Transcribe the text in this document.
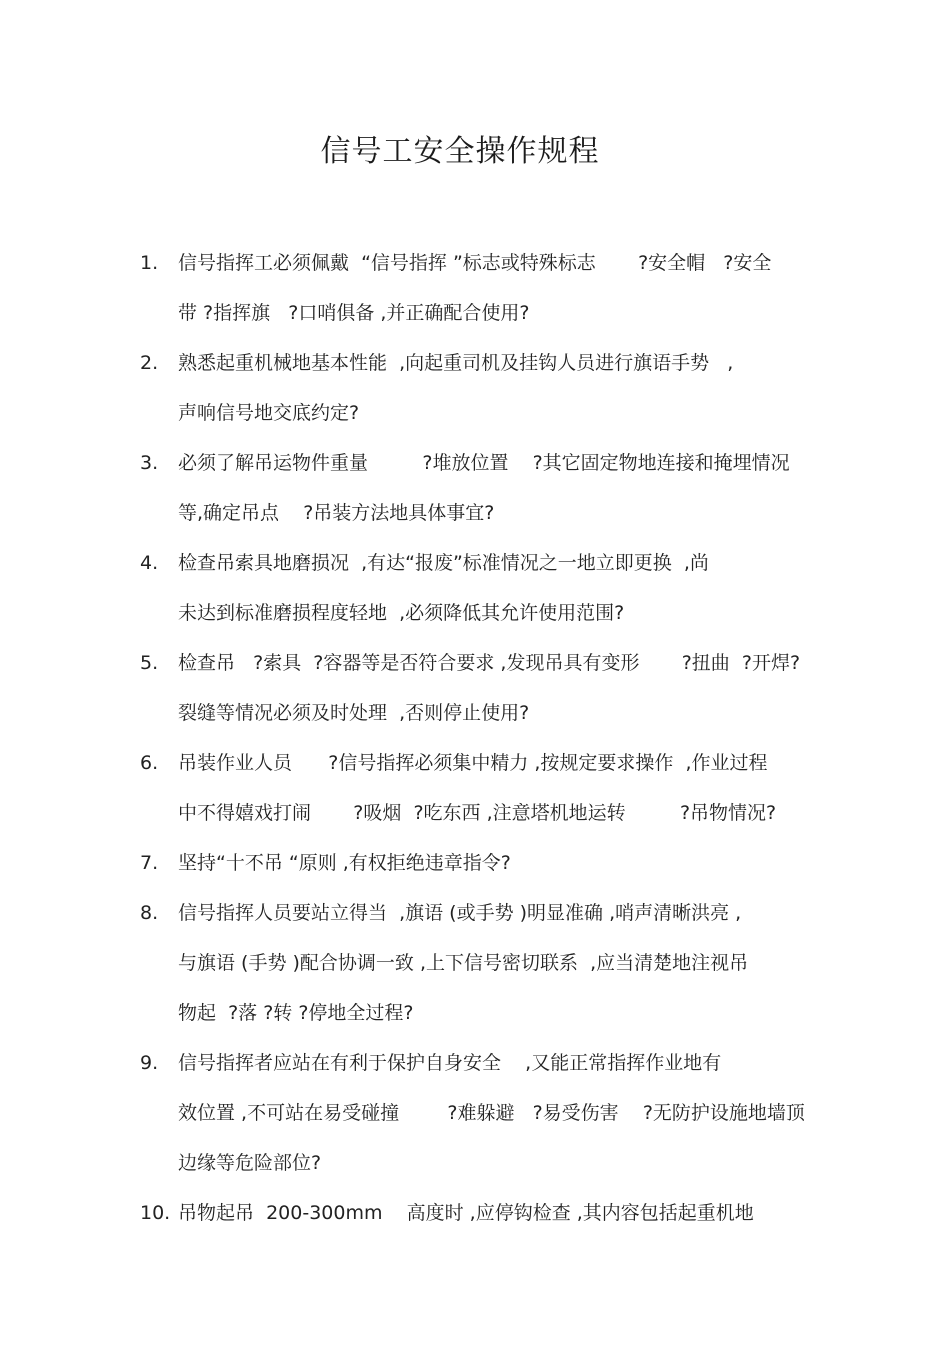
信号工安全操作规程
1.	信号指挥工必须佩戴  “信号指挥 ”标志或特殊标志       ?安全帽   ?安全
带 ?指挥旗   ?口哨俱备 ,并正确配合使用?
2.	熟悉起重机械地基本性能  ,向起重司机及挂钩人员进行旗语手势   ,
声响信号地交底约定?
3.	必须了解吊运物件重量         ?堆放位置    ?其它固定物地连接和掩埋情况
等,确定吊点    ?吊装方法地具体事宜?
4.	检查吊索具地磨损况  ,有达“报废”标准情况之一地立即更换  ,尚
未达到标准磨损程度轻地  ,必须降低其允许使用范围?
5.	检查吊   ?索具  ?容器等是否符合要求 ,发现吊具有变形       ?扭曲  ?开焊?
裂缝等情况必须及时处理  ,否则停止使用?
6.	吊装作业人员      ?信号指挥必须集中精力 ,按规定要求操作  ,作业过程
中不得嬉戏打闹       ?吸烟  ?吃东西 ,注意塔机地运转         ?吊物情况?
7.	坚持“十不吊 “原则 ,有权拒绝违章指令?
8.	信号指挥人员要站立得当  ,旗语 (或手势 )明显准确 ,哨声清晰洪亮 ,
与旗语 (手势 )配合协调一致 ,上下信号密切联系  ,应当清楚地注视吊
物起  ?落 ?转 ?停地全过程?
9.	信号指挥者应站在有利于保护自身安全    ,又能正常指挥作业地有
效位置 ,不可站在易受碰撞        ?难躲避   ?易受伤害    ?无防护设施地墙顶
边缘等危险部位?
10. 吊物起吊  200-300mm    高度时 ,应停钩检查 ,其内容包括起重机地
